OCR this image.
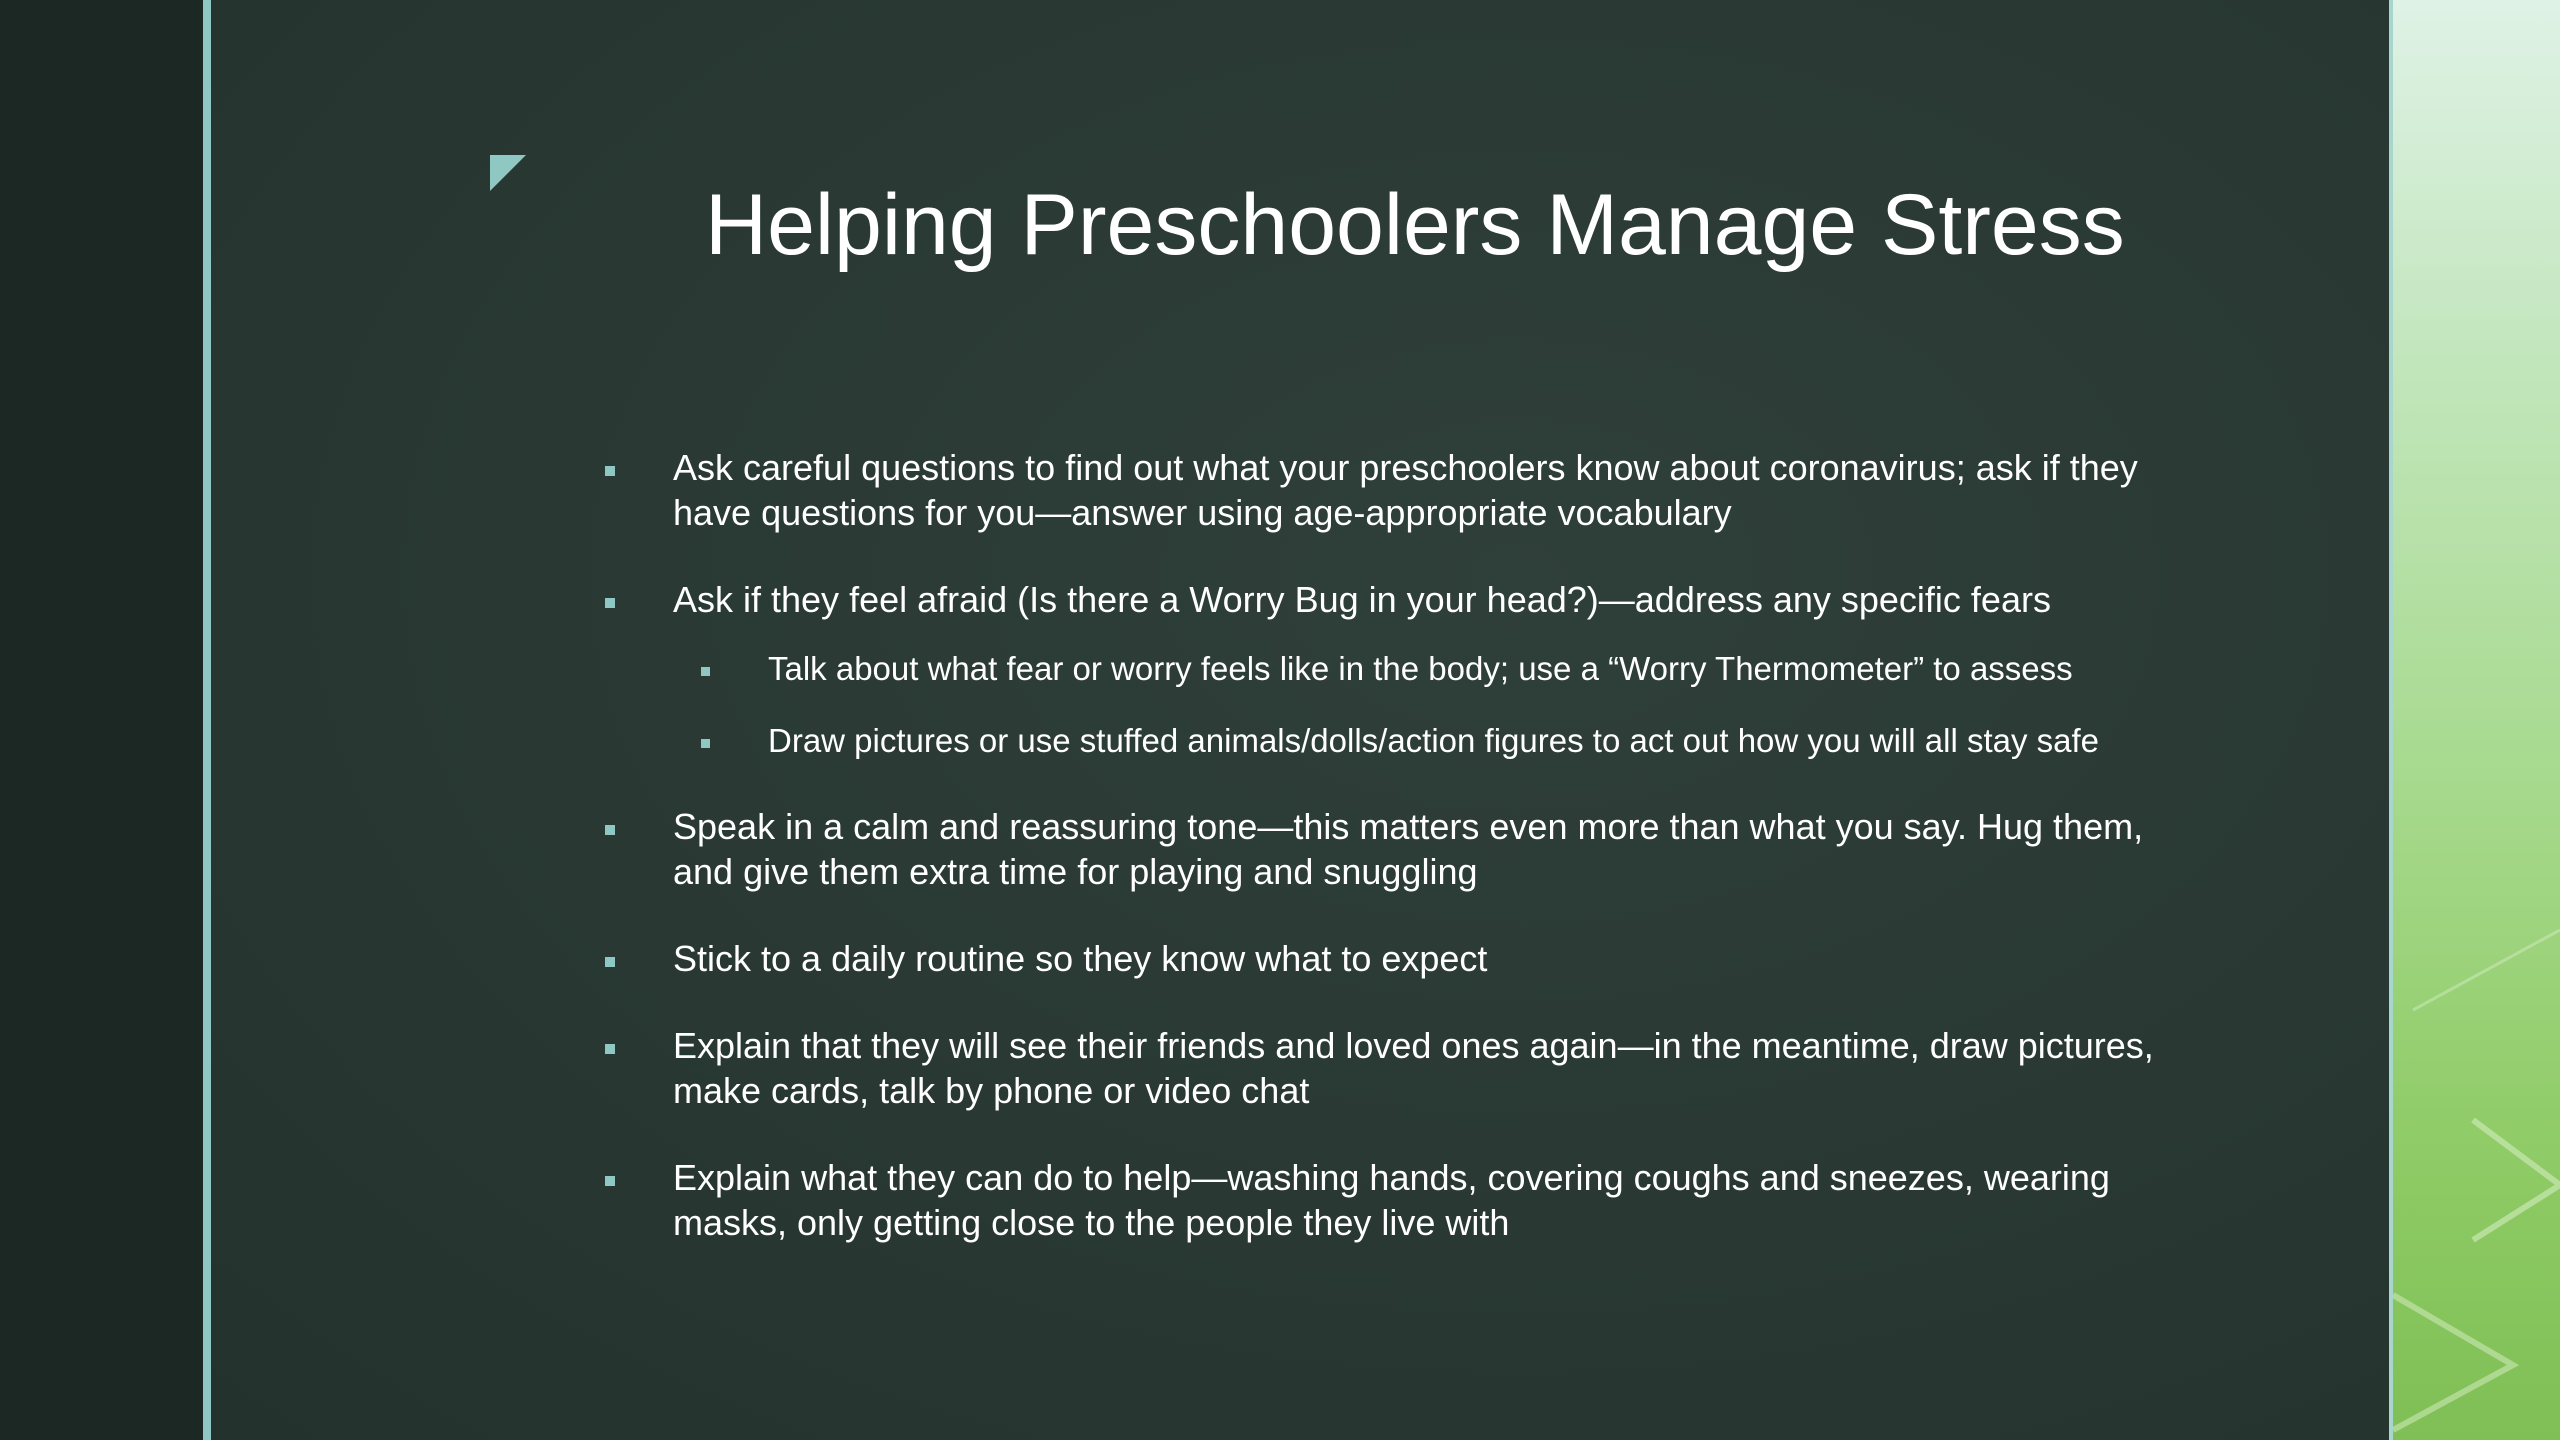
Helping Preschoolers Manage Stress
Ask careful questions to find out what your preschoolers know about coronavirus; ask if they have questions for you—answer using age-appropriate vocabulary
Ask if they feel afraid (Is there a Worry Bug in your head?)—address any specific fears
Talk about what fear or worry feels like in the body; use a “Worry Thermometer” to assess
Draw pictures or use stuffed animals/dolls/action figures to act out how you will all stay safe
Speak in a calm and reassuring tone—this matters even more than what you say. Hug them, and give them extra time for playing and snuggling
Stick to a daily routine so they know what to expect
Explain that they will see their friends and loved ones again—in the meantime, draw pictures, make cards, talk by phone or video chat
Explain what they can do to help—washing hands, covering coughs and sneezes, wearing masks, only getting close to the people they live with
